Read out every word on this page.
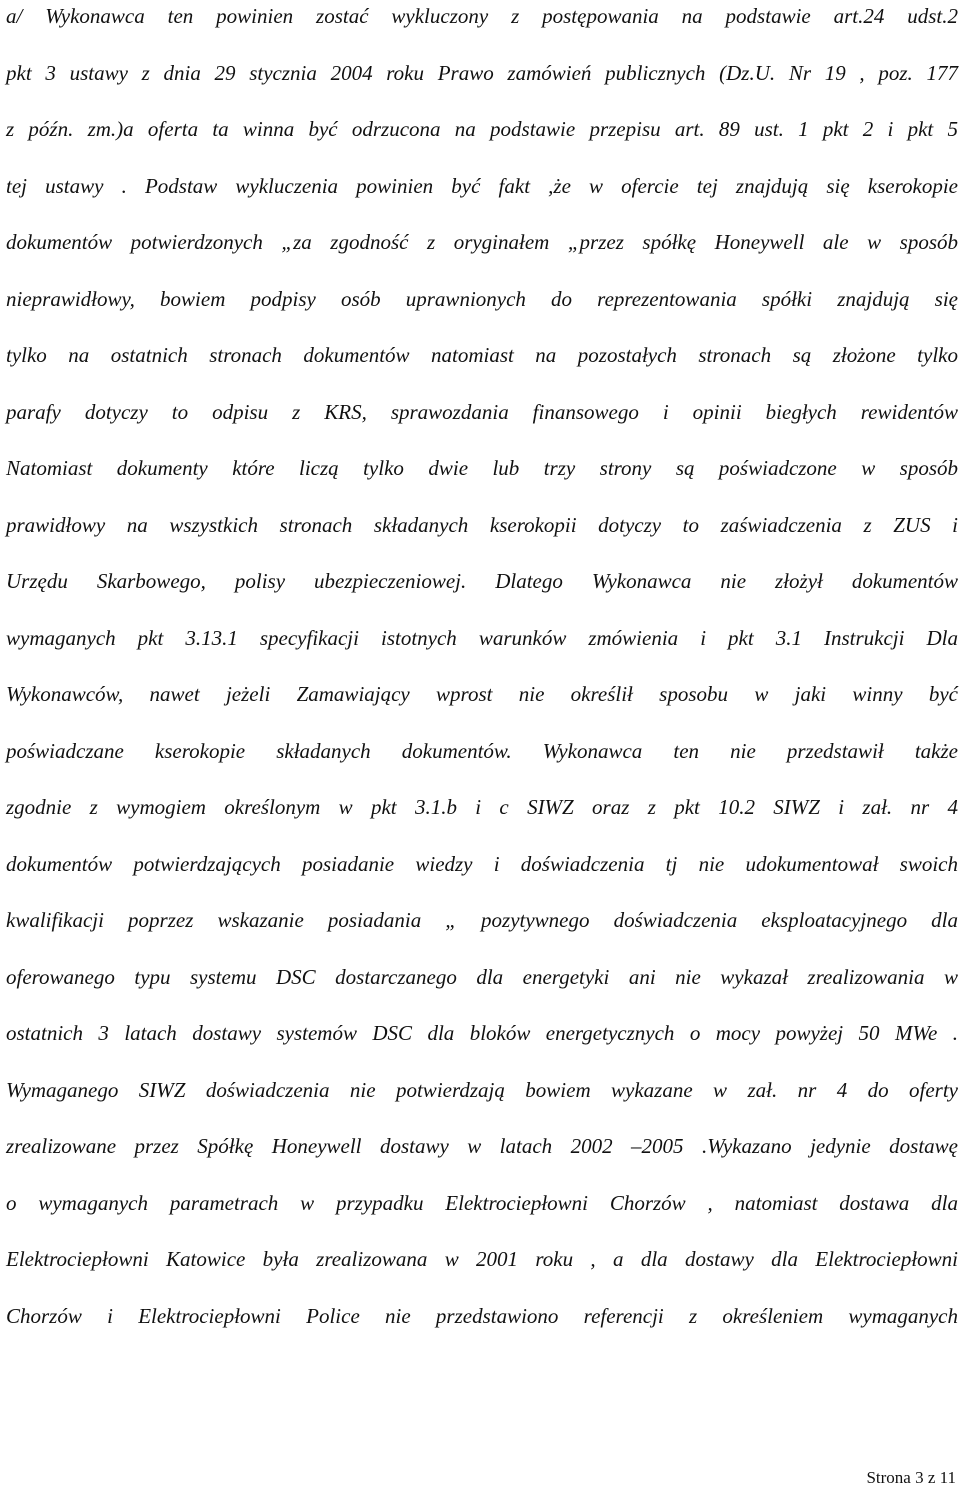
a/ Wykonawca ten powinien zostać wykluczony z postępowania na podstawie art.24 udst.2
pkt 3 ustawy z dnia 29 stycznia 2004 roku Prawo zamówień publicznych (Dz.U. Nr 19 , poz. 177
z późn. zm.)a oferta ta winna być odrzucona na podstawie przepisu art. 89 ust. 1 pkt 2 i pkt 5
tej ustawy . Podstaw wykluczenia powinien być fakt ,że w ofercie tej znajdują się kserokopie
dokumentów potwierdzonych „za zgodność z oryginałem „przez spółkę Honeywell ale w sposób
nieprawidłowy, bowiem podpisy osób uprawnionych do reprezentowania spółki znajdują się
tylko na ostatnich stronach dokumentów natomiast na pozostałych stronach są złożone tylko
parafy dotyczy to odpisu z KRS, sprawozdania finansowego i opinii biegłych rewidentów
Natomiast dokumenty które liczą tylko dwie lub trzy strony są poświadczone w sposób
prawidłowy na wszystkich stronach składanych kserokopii dotyczy to zaświadczenia z ZUS i
Urzędu Skarbowego, polisy ubezpieczeniowej. Dlatego Wykonawca nie złożył dokumentów
wymaganych pkt 3.13.1 specyfikacji istotnych warunków zmówienia i pkt 3.1 Instrukcji Dla
Wykonawców, nawet jeżeli Zamawiający wprost nie określił sposobu w jaki winny być
poświadczane kserokopie składanych dokumentów. Wykonawca ten nie przedstawił także
zgodnie z wymogiem określonym w pkt 3.1.b i c SIWZ oraz z pkt 10.2 SIWZ i zał. nr 4
dokumentów potwierdzających posiadanie wiedzy i doświadczenia tj nie udokumentował swoich
kwalifikacji poprzez wskazanie posiadania „ pozytywnego doświadczenia eksploatacyjnego dla
oferowanego typu systemu DSC dostarczanego dla energetyki ani nie wykazał zrealizowania w
ostatnich 3 latach dostawy systemów DSC dla bloków energetycznych o mocy powyżej 50 MWe .
Wymaganego SIWZ doświadczenia nie potwierdzają bowiem wykazane w zał. nr 4 do oferty
zrealizowane przez Spółkę Honeywell dostawy w latach 2002 –2005 .Wykazano jedynie dostawę
o wymaganych parametrach w przypadku Elektrociepłowni Chorzów , natomiast dostawa dla
Elektrociepłowni Katowice była zrealizowana w 2001 roku , a dla dostawy dla Elektrociepłowni
Chorzów i Elektrociepłowni Police nie przedstawiono referencji z określeniem wymaganych
Strona 3 z 11
